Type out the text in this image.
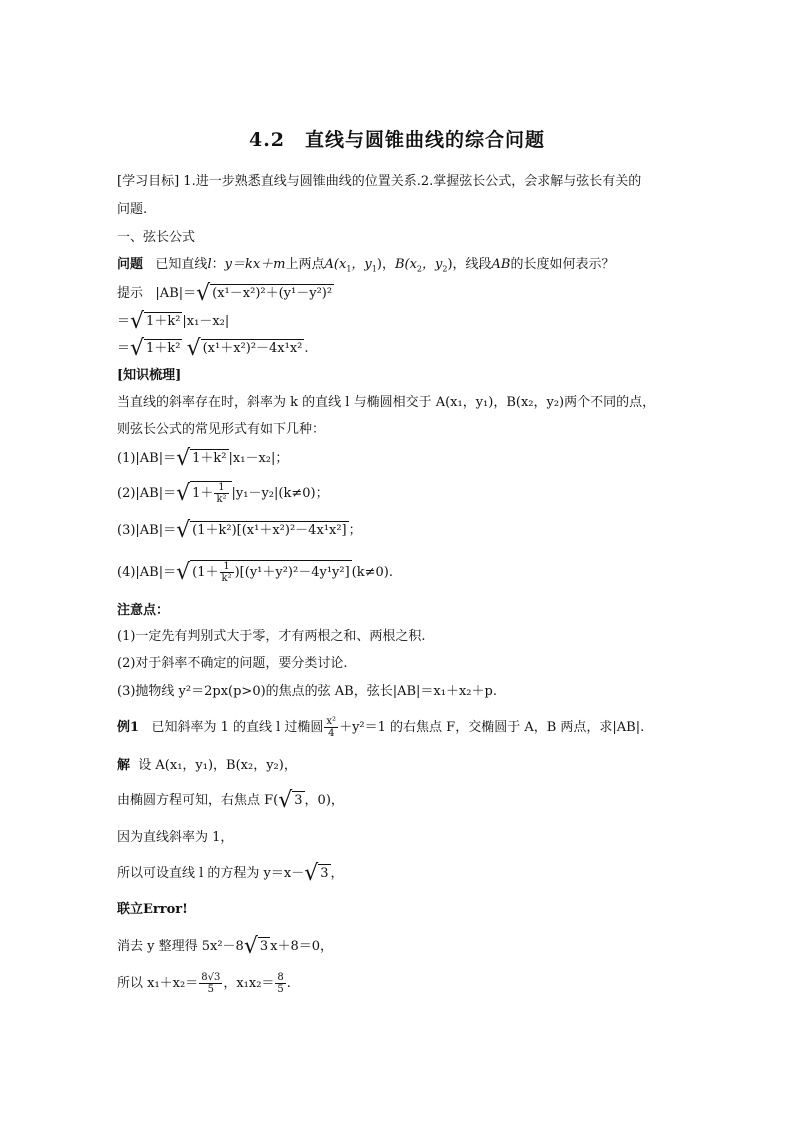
4.2　直线与圆锥曲线的综合问题
[学习目标] 1.进一步熟悉直线与圆锥曲线的位置关系.2.掌握弦长公式，会求解与弦长有关的
问题.
一、弦长公式
问题 已知直线l：y＝kx＋m上两点$A(x_1$，$y_1$)，$B(x_2$，$y_2$)，线段AB的长度如何表示？
提示 |AB|＝√ (x¹－x²)²＋(y¹－y²)²
＝√ 1＋k² |x₁－x₂|
＝√ 1＋k² √ (x¹＋x²)²－4x¹x² .
[知识梳理]
当直线的斜率存在时，斜率为 k 的直线 l 与椭圆相交于 A(x₁，y₁)，B(x₂，y₂)两个不同的点，
则弦长公式的常见形式有如下几种：
(1)|AB|＝√ 1＋k² |x₁－x₂|；
(2)|AB|＝√ $1+ \frac{1}{\text{k²}} |y_1-y_2|(k\ne 0)$；
(3)|AB|＝√ (1＋k²)[(x¹＋x²)²－4x¹x²] ；
(4)|AB|＝√ $(1+ \frac{1}{\text{k²}} )[(y^1+y^2)^2-4y^1y^2]$ (k≠0).
注意点：
(1)一定先有判别式大于零，才有两根之和、两根之积.
(2)对于斜率不确定的问题，要分类讨论.
(3)抛物线 y²＝2px(p>0)的焦点的弦 AB，弦长|AB|＝x₁＋x₂＋p.
例1 已知斜率为 1 的直线 l 过椭圆 $\frac{\text{x²}}{4} +y^2=1$ 的右焦点 F，交椭圆于 A，B 两点，求|AB|.
解 设 A(x₁，y₁)，B(x₂，y₂)，
由椭圆方程可知，右焦点 F(√ 3 ，0)，
因为直线斜率为 1，
所以可设直线 l 的方程为 y＝x－√ 3 ，
联立Error!
消去 y 整理得 5x²－8√ 3 x＋8＝0，
所以 $x_1+x_2= \frac{8√3}{5}$ ，$x_1x_2= \frac{8}{5}$ .
